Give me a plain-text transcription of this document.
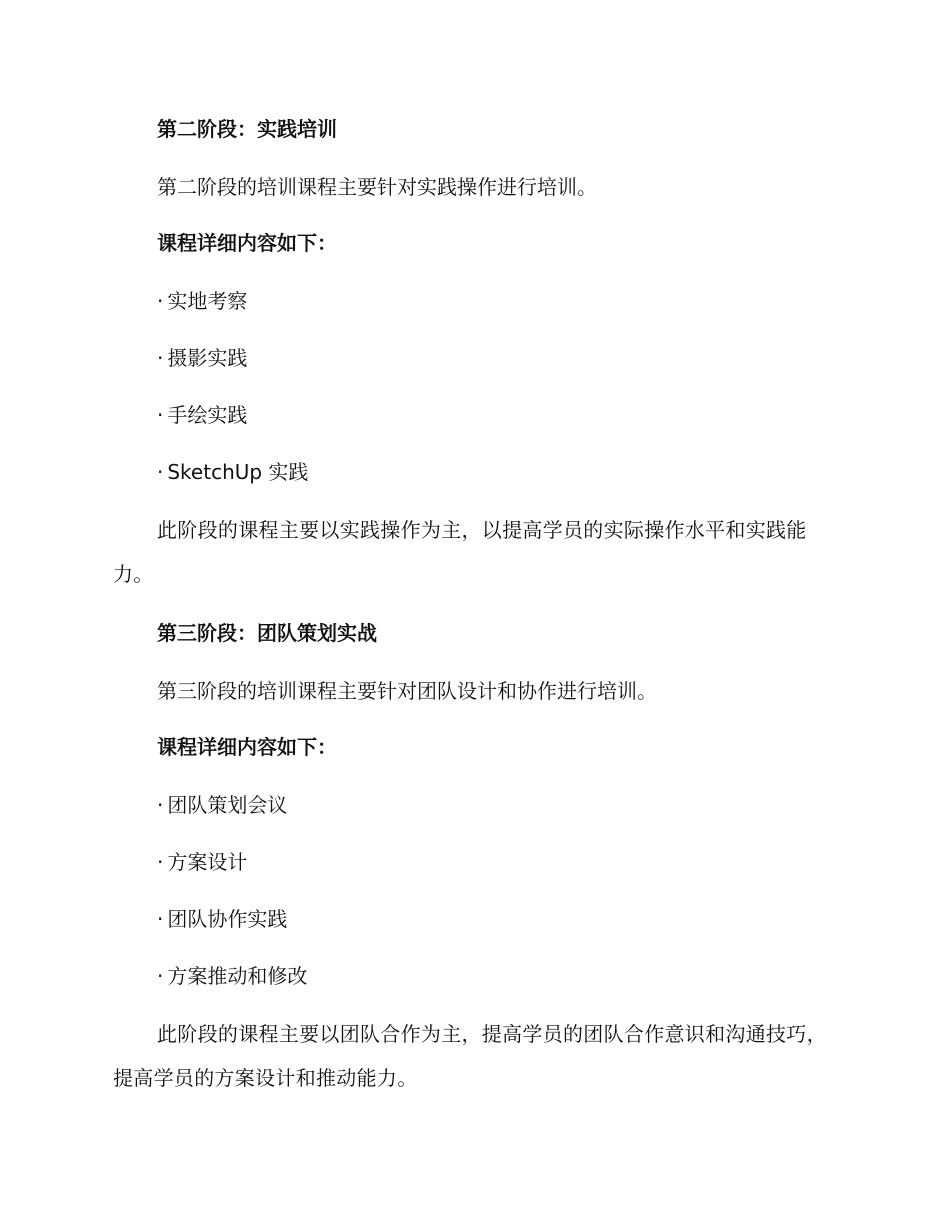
第二阶段：实践培训

第二阶段的培训课程主要针对实践操作进行培训。

课程详细内容如下：

· 实地考察

· 摄影实践

· 手绘实践

· SketchUp 实践

此阶段的课程主要以实践操作为主，以提高学员的实际操作水平和实践能力。

第三阶段：团队策划实战

第三阶段的培训课程主要针对团队设计和协作进行培训。

课程详细内容如下：

· 团队策划会议

· 方案设计

· 团队协作实践

· 方案推动和修改

此阶段的课程主要以团队合作为主，提高学员的团队合作意识和沟通技巧，提高学员的方案设计和推动能力。
